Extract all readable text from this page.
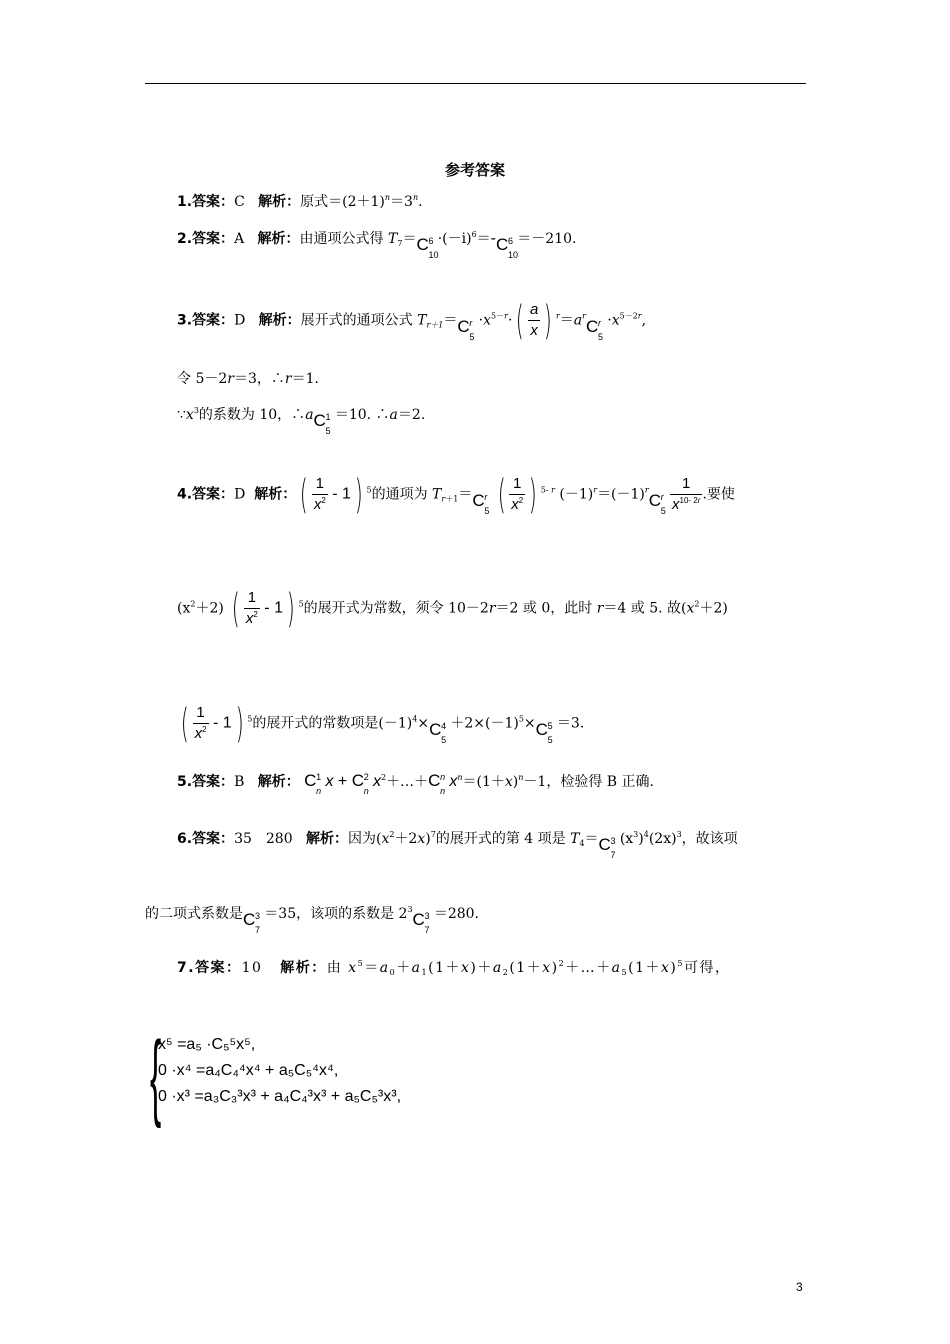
参考答案
1.答案：C 解析：原式$=(2+1)^n=3^n$.
2.答案：A 解析：由通项公式得 $T_7=C$ 6
10
$\cdot(-i)^6=-C$ 6
10
＝－210.
3.答案：D 解析：展开式的通项公式 $T_{r+1}=C$ r
5
$\cdot x^{5-r}\cdot( \frac{a}{x}$ ) $^r=a^rC$ r
5
$\cdot x^{5-2r}$,
令 5－2r＝3，∴r＝1.
$\because x^3$的系数为 10，∴aC 1
5
＝10. ∴a＝2.
4.答案：D 解析：( $\frac{1}{x^2} - 1$) $^5$的通项为 $T_{r+1}=C$ r
5 ( $\frac{1}{x^2}$ ) $^{5- r}$ $(-1)^r=(-1)^rC$ r
$5 \frac{1}{x^{10- 2r}}$ .要使
$(x^2+2)$ ( $\frac{1}{x^2} - 1$) $^5$的展开式为常数，须令 10－2r＝2 或 0，此时 r＝4 或 5. 故$(x^2+2)$
( $\frac{1}{x^2} - 1$) $^5$的展开式的常数项是$(-1)^4\times C$ 4
5
$+2\times(-1)^5\times C$ 5
5
＝3.
5.答案：B 解析： C 1
n
x + C 2
n
$x^2+\dots+C$ n
n
$x^n=(1+x)^n-1$，检验得 B 正确.
6.答案：35　280 解析：因为$(x^2+2x)^7$的展开式的第 4 项是 $T_4=C$ 3
7
$(x^3)^4(2x)^3$，故该项
的二项式系数是C 3
7
＝35，该项的系数是 $2^3C$ 3
7
＝280.
7.答案：10 解析：由 $x^5=a_0+a_1(1+x)+a_2(1+x)^2+\dots+a_5(1+x)^5$可得，
{
x⁵ =a₅ ·C₅⁵x⁵,
0 ·x⁴ =a₄C₄⁴x⁴ + a₅C₅⁴x⁴,
0 ·x³ =a₃C₃³x³ + a₄C₄³x³ + a₅C₅³x³,
3
